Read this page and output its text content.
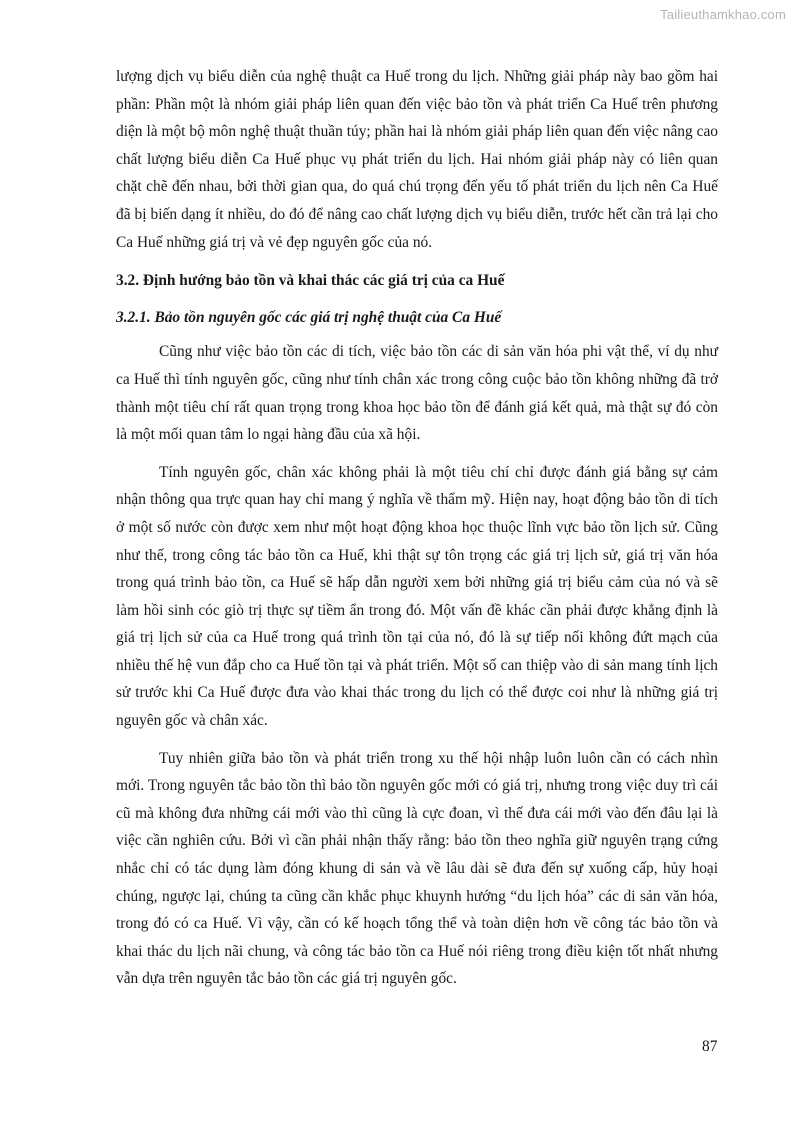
Tailieuthamkhao.com

lượng dịch vụ biểu diễn của nghệ thuật ca Huế trong du lịch. Những giải pháp này bao gồm hai phần: Phần một là nhóm giải pháp liên quan đến việc bảo tồn và phát triển Ca Huế trên phương diện là một bộ môn nghệ thuật thuần túy; phần hai là nhóm giải pháp liên quan đến việc nâng cao chất lượng biểu diễn Ca Huế phục vụ phát triển du lịch. Hai nhóm giải pháp này có liên quan chặt chẽ đến nhau, bởi thời gian qua, do quá chú trọng đến yếu tố phát triển du lịch nên Ca Huế đã bị biến dạng ít nhiều, do đó để nâng cao chất lượng dịch vụ biểu diễn, trước hết cần trả lại cho Ca Huế những giá trị và vẻ đẹp nguyên gốc của nó.

3.2. Định hướng bảo tồn và khai thác các giá trị của ca Huế

3.2.1. Bảo tồn nguyên gốc các giá trị nghệ thuật của Ca Huế

Cũng như việc bảo tồn các di tích, việc bảo tồn các di sản văn hóa phi vật thể, ví dụ như ca Huế thì tính nguyên gốc, cũng như tính chân xác trong công cuộc bảo tồn không những đã trở thành một tiêu chí rất quan trọng trong khoa học bảo tồn để đánh giá kết quả, mà thật sự đó còn là một mối quan tâm lo ngại hàng đầu của xã hội.

Tính nguyên gốc, chân xác không phải là một tiêu chí chỉ được đánh giá bằng sự cảm nhận thông qua trực quan hay chỉ mang ý nghĩa về thẩm mỹ. Hiện nay, hoạt động bảo tồn di tích ở một số nước còn được xem như một hoạt động khoa học thuộc lĩnh vực bảo tồn lịch sử. Cũng như thế, trong công tác bảo tồn ca Huế, khi thật sự tôn trọng các giá trị lịch sử, giá trị văn hóa trong quá trình bảo tồn, ca Huế sẽ hấp dẫn người xem bởi những giá trị biểu cảm của nó và sẽ làm hồi sinh cóc giò trị thực sự tiềm ẩn trong đó. Một vấn đề khác cần phải được khẳng định là giá trị lịch sử của ca Huế trong quá trình tồn tại của nó, đó là sự tiếp nối không đứt mạch của nhiều thế hệ vun đắp cho ca Huế tồn tại và phát triển. Một số can thiệp vào di sản mang tính lịch sử trước khi Ca Huế được đưa vào khai thác trong du lịch có thể được coi như là những giá trị nguyên gốc và chân xác.

Tuy nhiên giữa bảo tồn và phát triển trong xu thế hội nhập luôn luôn cần có cách nhìn mới. Trong nguyên tắc bảo tồn thì bảo tồn nguyên gốc mới có giá trị, nhưng trong việc duy trì cái cũ mà không đưa những cái mới vào thì cũng là cực đoan, vì thế đưa cái mới vào đến đâu lại là việc cần nghiên cứu. Bởi vì cần phải nhận thấy rằng: bảo tồn theo nghĩa giữ nguyên trạng cứng nhắc chỉ có tác dụng làm đóng khung di sản và về lâu dài sẽ đưa đến sự xuống cấp, hủy hoại chúng, ngược lại, chúng ta cũng cần khắc phục khuynh hướng “du lịch hóa” các di sản văn hóa, trong đó có ca Huế. Vì vậy, cần có kế hoạch tổng thể và toàn diện hơn về công tác bảo tồn và khai thác du lịch nãi chung, và công tác bảo tồn ca Huế nói riêng trong điều kiện tốt nhất nhưng vẫn dựa trên nguyên tắc bảo tồn các giá trị nguyên gốc.

87
